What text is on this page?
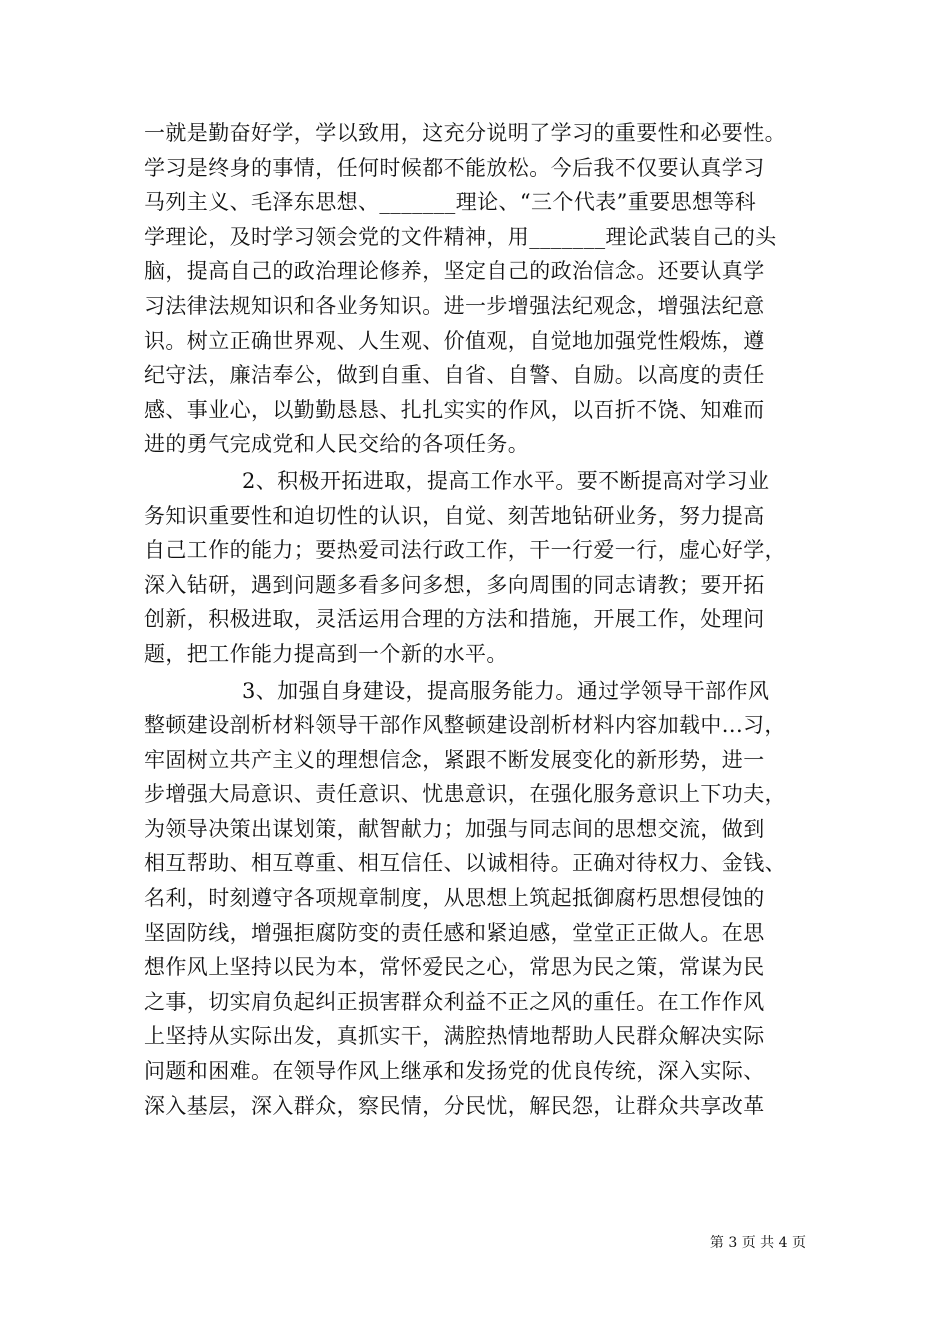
一就是勤奋好学，学以致用，这充分说明了学习的重要性和必要性。
学习是终身的事情，任何时候都不能放松。今后我不仅要认真学习
马列主义、毛泽东思想、_______理论、“三个代表”重要思想等科
学理论，及时学习领会党的文件精神，用_______理论武装自己的头
脑，提高自己的政治理论修养，坚定自己的政治信念。还要认真学
习法律法规知识和各业务知识。进一步增强法纪观念，增强法纪意
识。树立正确世界观、人生观、价值观，自觉地加强党性煅炼，遵
纪守法，廉洁奉公，做到自重、自省、自警、自励。以高度的责任
感、事业心，以勤勤恳恳、扎扎实实的作风，以百折不饶、知难而
进的勇气完成党和人民交给的各项任务。
2、积极开拓进取，提高工作水平。要不断提高对学习业
务知识重要性和迫切性的认识，自觉、刻苦地钻研业务，努力提高
自己工作的能力；要热爱司法行政工作，干一行爱一行，虚心好学，
深入钻研，遇到问题多看多问多想，多向周围的同志请教；要开拓
创新，积极进取，灵活运用合理的方法和措施，开展工作，处理问
题，把工作能力提高到一个新的水平。
3、加强自身建设，提高服务能力。通过学领导干部作风
整顿建设剖析材料领导干部作风整顿建设剖析材料内容加载中...习，
牢固树立共产主义的理想信念，紧跟不断发展变化的新形势，进一
步增强大局意识、责任意识、忧患意识，在强化服务意识上下功夫，
为领导决策出谋划策，献智献力；加强与同志间的思想交流，做到
相互帮助、相互尊重、相互信任、以诚相待。正确对待权力、金钱、
名利，时刻遵守各项规章制度，从思想上筑起抵御腐朽思想侵蚀的
坚固防线，增强拒腐防变的责任感和紧迫感，堂堂正正做人。在思
想作风上坚持以民为本，常怀爱民之心，常思为民之策，常谋为民
之事，切实肩负起纠正损害群众利益不正之风的重任。在工作作风
上坚持从实际出发，真抓实干，满腔热情地帮助人民群众解决实际
问题和困难。在领导作风上继承和发扬党的优良传统，深入实际、
深入基层，深入群众，察民情，分民忧，解民怨，让群众共享改革
第 3 页 共 4 页
